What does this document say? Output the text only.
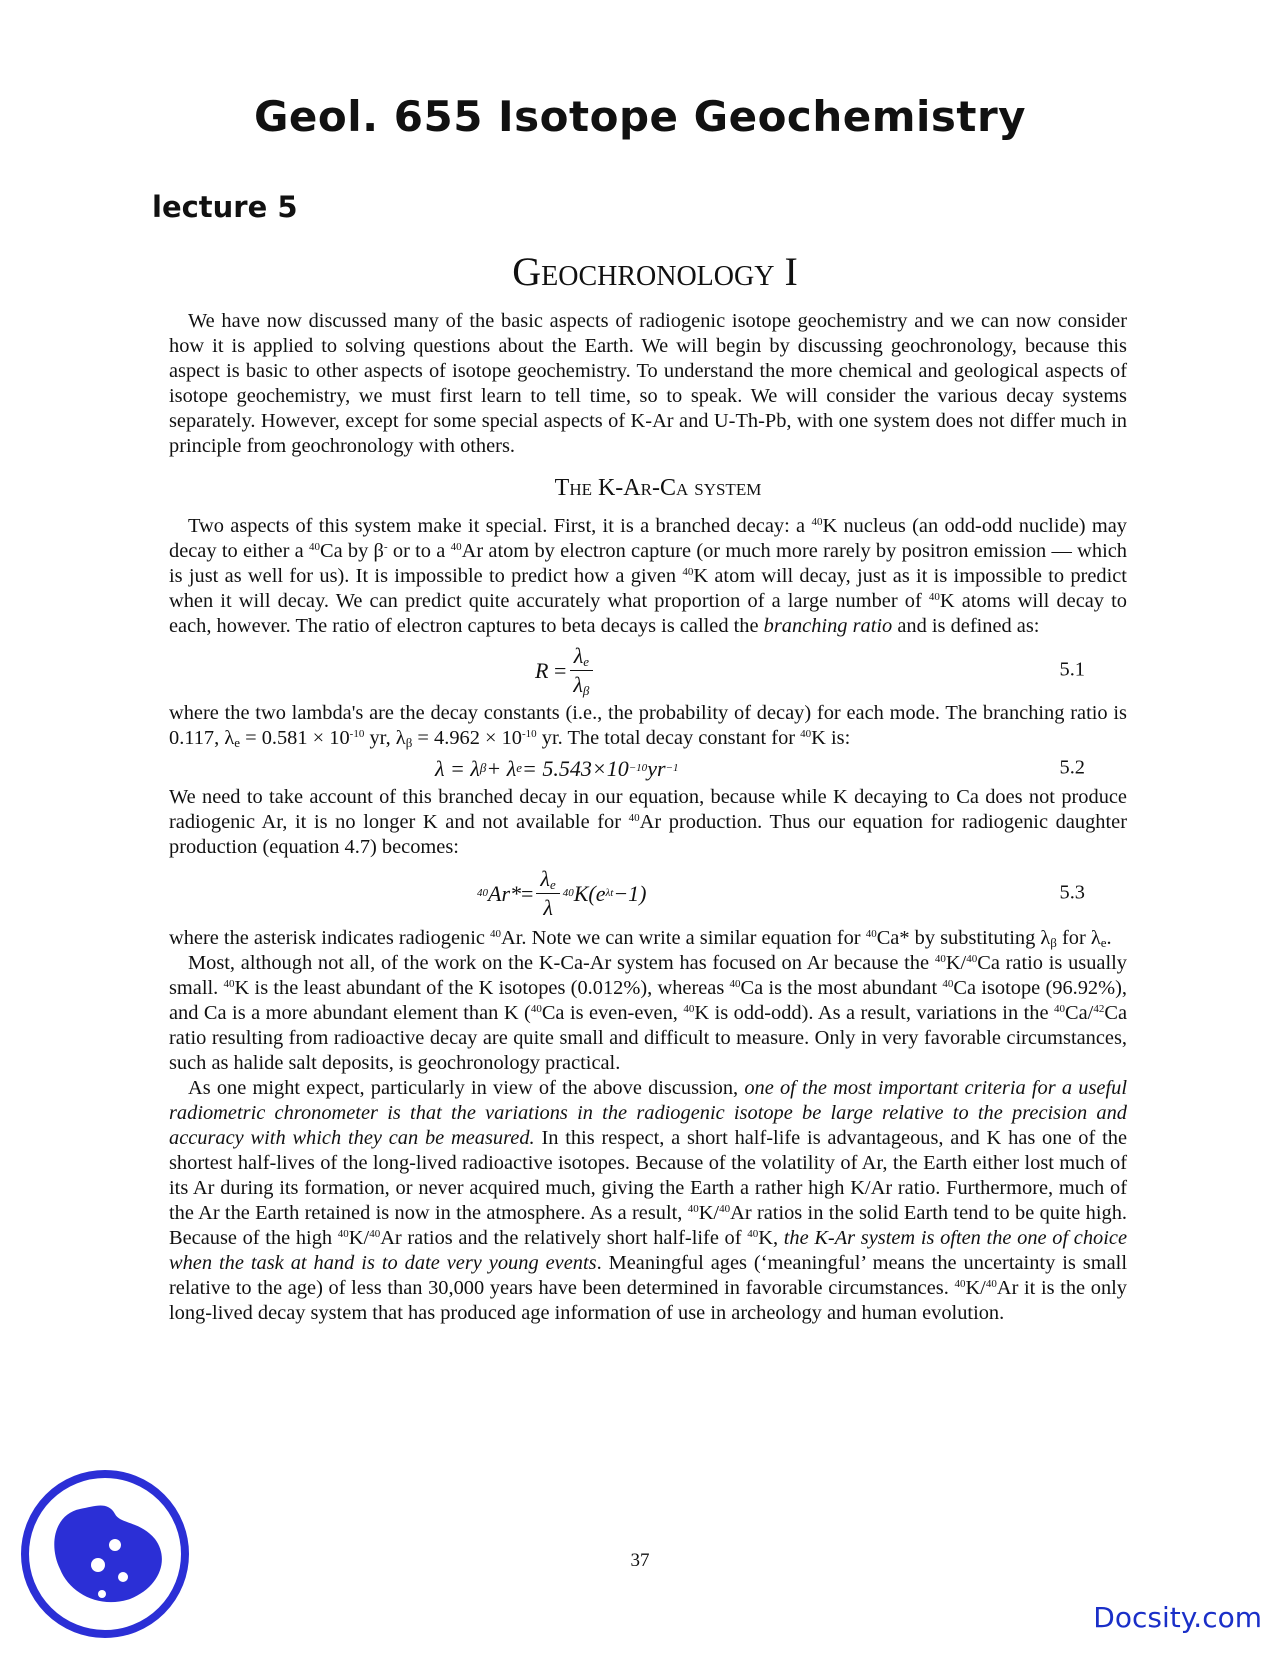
Geol. 655 Isotope Geochemistry
lecture 5
Geochronology I

We have now discussed many of the basic aspects of radiogenic isotope geochemistry and we can now consider how it is applied to solving questions about the Earth. We will begin by discussing geochronology, because this aspect is basic to other aspects of isotope geochemistry. To understand the more chemical and geological aspects of isotope geochemistry, we must first learn to tell time, so to speak. We will consider the various decay systems separately. However, except for some special aspects of K-Ar and U-Th-Pb, with one system does not differ much in principle from geochronology with others.

The K-Ar-Ca system

Two aspects of this system make it special. First, it is a branched decay: a $^{40}$K nucleus (an odd-odd nuclide) may decay to either a $^{40}$Ca by β- or to a $^{40}$Ar atom by electron capture (or much more rarely by positron emission — which is just as well for us). It is impossible to predict how a given $^{40}$K atom will decay, just as it is impossible to predict when it will decay. We can predict quite accurately what proportion of a large number of $^{40}$K atoms will decay to each, however. The ratio of electron captures to beta decays is called the branching ratio and is defined as:

R
= $\frac{\lambda_e}{\lambda_\beta}$	5.1

where the two lambda's are the decay constants (i.e., the probability of decay) for each mode. The branching ratio is 0.117, $\lambda_e = 0.581 \times 10^{-10}$ yr, $\lambda_\beta = 4.962 \times 10^{-10}$ yr. The total decay constant for $^{40}$K is:

λ = λ β + λ e = 5.543×10 −10 yr −1	5.2

We need to take account of this branched decay in our equation, because while K decaying to Ca does not produce radiogenic Ar, it is no longer K and not available for $^{40}$Ar production. Thus our equation for radiogenic daughter production (equation 4.7) becomes:

40 $Ar* = \frac{\lambda_e}{\lambda} 40$ K(e λt −1)	5.3

where the asterisk indicates radiogenic $^{40}$Ar. Note we can write a similar equation for $^{40}$Ca* by substituting $\lambda_\beta$ for $\lambda_e$.

Most, although not all, of the work on the K-Ca-Ar system has focused on Ar because the $^{40}$K/$^{40}$Ca ratio is usually small. $^{40}$K is the least abundant of the K isotopes (0.012%), whereas $^{40}$Ca is the most abundant $^{40}$Ca isotope (96.92%), and Ca is a more abundant element than K ($^{40}$Ca is even-even, $^{40}$K is odd-odd). As a result, variations in the $^{40}$Ca/$^{42}$Ca ratio resulting from radioactive decay are quite small and difficult to measure. Only in very favorable circumstances, such as halide salt deposits, is geochronology practical.

As one might expect, particularly in view of the above discussion, one of the most important criteria for a useful radiometric chronometer is that the variations in the radiogenic isotope be large relative to the precision and accuracy with which they can be measured. In this respect, a short half-life is advantageous, and K has one of the shortest half-lives of the long-lived radioactive isotopes. Because of the volatility of Ar, the Earth either lost much of its Ar during its formation, or never acquired much, giving the Earth a rather high K/Ar ratio. Furthermore, much of the Ar the Earth retained is now in the atmosphere. As a result, $^{40}$K/$^{40}$Ar ratios in the solid Earth tend to be quite high. Because of the high $^{40}$K/$^{40}$Ar ratios and the relatively short half-life of $^{40}$K, the K-Ar system is often the one of choice when the task at hand is to date very young events. Meaningful ages (‘meaningful’ means the uncertainty is small relative to the age) of less than 30,000 years have been determined in favorable circumstances. $^{40}$K/$^{40}$Ar it is the only long-lived decay system that has produced age information of use in archeology and human evolution.

37
Docsity.com
